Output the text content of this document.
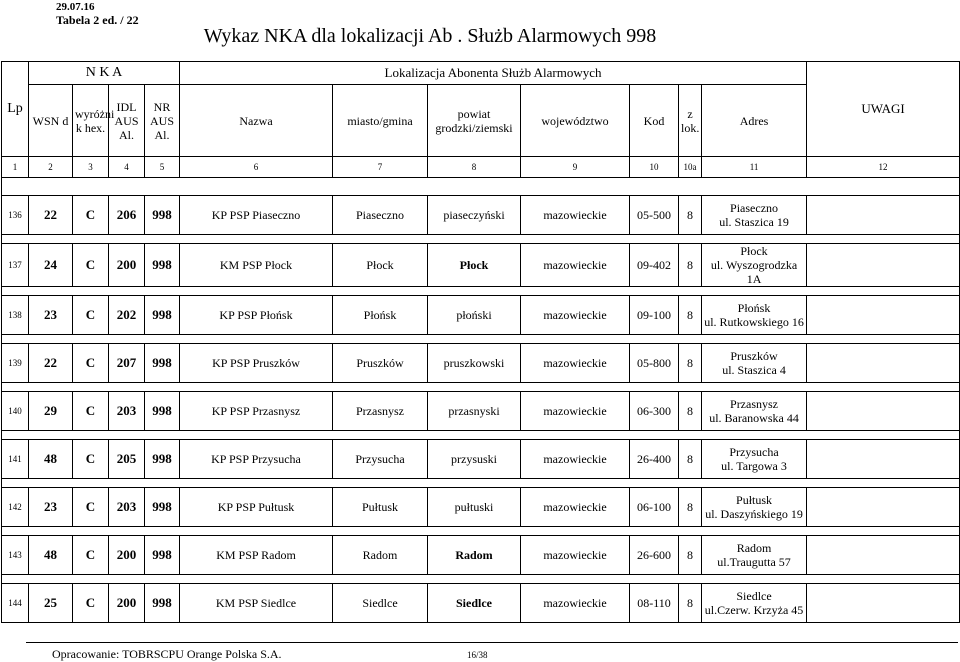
29.07.16
Tabela 2 ed. / 22
Wykaz NKA dla lokalizacji Ab . Służb Alarmowych 998
Lp	N K A				Lokalizacja Abonenta Służb Alarmowych							UWAGI
	WSN d	wyróżni k hex.	IDL AUS Al.	NR AUS Al.	Nazwa	miasto/gmina	powiat grodzki/ziemski	województwo	Kod	z lok.	Adres	
1	2	3	4	5	6	7	8	9	10	10a	11	12

136	22	C	206	998	KP PSP Piaseczno	Piaseczno	piaseczyński	mazowieckie	05-500	8	Piaseczno
ul. Staszica 19	

137	24	C	200	998	KM PSP Płock	Płock	Płock	mazowieckie	09-402	8	Płock
ul. Wyszogrodzka 1A	

138	23	C	202	998	KP PSP Płońsk	Płońsk	płoński	mazowieckie	09-100	8	Płońsk
ul. Rutkowskiego 16	

139	22	C	207	998	KP PSP Pruszków	Pruszków	pruszkowski	mazowieckie	05-800	8	Pruszków
ul. Staszica 4	

140	29	C	203	998	KP PSP Przasnysz	Przasnysz	przasnyski	mazowieckie	06-300	8	Przasnysz
ul. Baranowska 44	

141	48	C	205	998	KP PSP Przysucha	Przysucha	przysuski	mazowieckie	26-400	8	Przysucha
ul. Targowa 3	

142	23	C	203	998	KP PSP Pułtusk	Pułtusk	pułtuski	mazowieckie	06-100	8	Pułtusk
ul. Daszyńskiego 19	

143	48	C	200	998	KM PSP Radom	Radom	Radom	mazowieckie	26-600	8	Radom
ul.Traugutta 57	

144	25	C	200	998	KM PSP Siedlce	Siedlce	Siedlce	mazowieckie	08-110	8	Siedlce
ul.Czerw. Krzyża 45	

Opracowanie: TOBRSCPU Orange Polska S.A.	16/38
